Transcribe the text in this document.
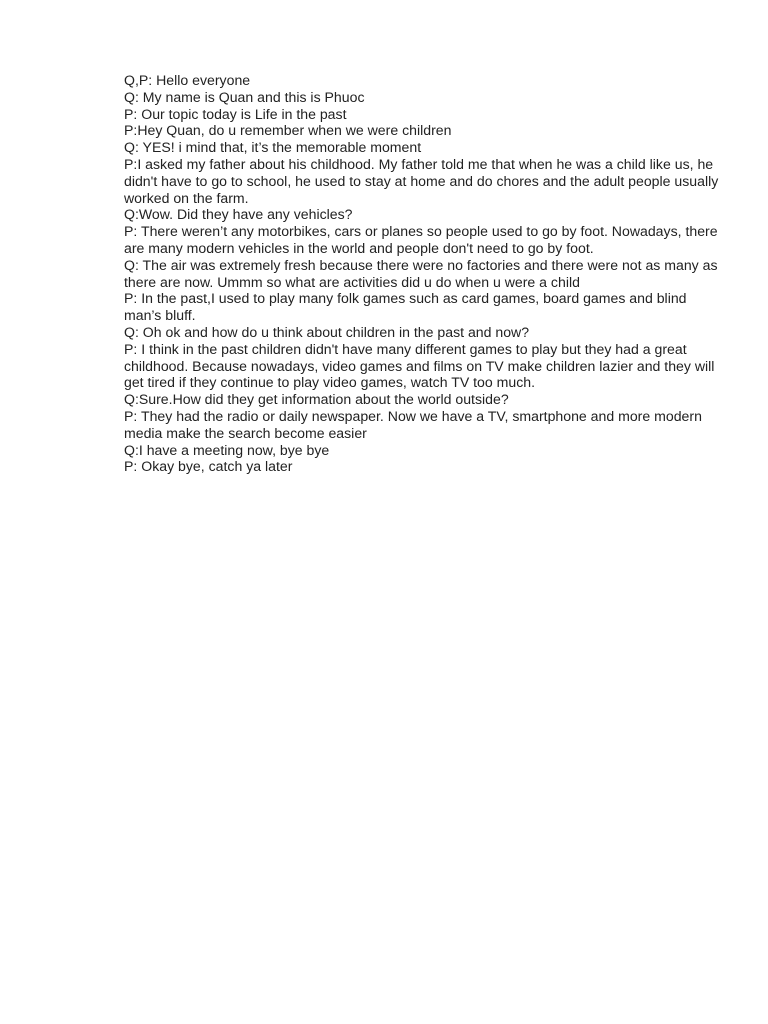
Q,P: Hello everyone

Q: My name is Quan and this is Phuoc

P: Our topic today is Life in the past

P:Hey Quan, do u remember when we were children

Q: YES! i mind that, it’s the memorable moment

P:I asked my father about his childhood. My father told me that when he was a child like us, he didn't have to go to school, he used to stay at home and do chores and the adult people usually worked on the farm.

Q:Wow. Did they have any vehicles?

P: There weren’t any motorbikes, cars or planes so people used to go by foot. Nowadays, there are many modern vehicles in the world and people don't need to go by foot.

Q: The air was extremely fresh because there were no factories and there were not as many as there are now. Ummm so what are activities did u do when u were a child

P: In the past,I used to play many folk games such as card games, board games and blind man’s bluff.

Q: Oh ok and how do u think about children in the past and now?

P: I think in the past children didn't have many different games to play but they had a great childhood. Because nowadays, video games and films on TV make children lazier and they will get tired if they continue to play video games, watch TV too much.

Q:Sure.How did they get information about the world outside?

P: They had the radio or daily newspaper. Now we have a TV, smartphone and more modern media make the search become easier

Q:I have a meeting now, bye bye

P: Okay bye, catch ya later
